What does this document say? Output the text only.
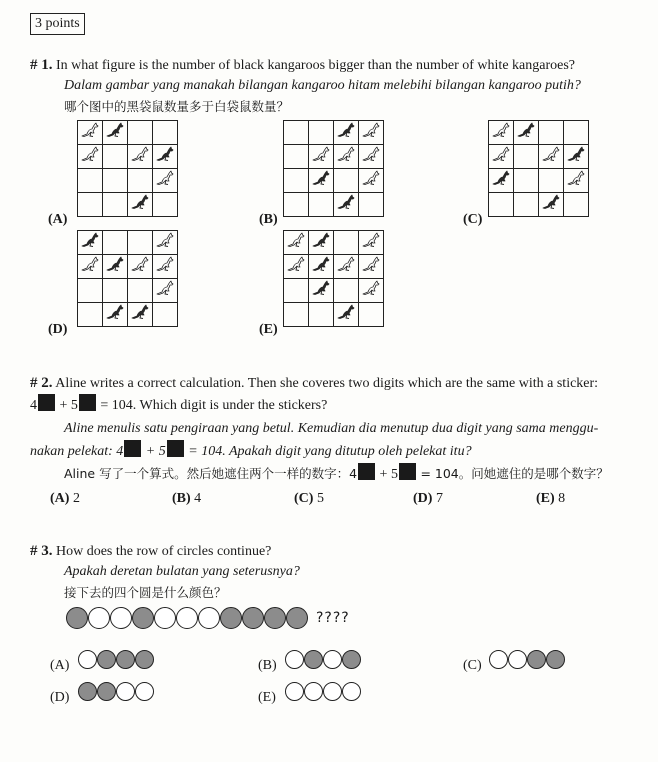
3 points
# 1. In what figure is the number of black kangaroos bigger than the number of white kangaroes?
Dalam gambar yang manakah bilangan kangaroo hitam melebihi bilangan kangaroo putih?
哪个图中的黑袋鼠数量多于白袋鼠数量？
(A)

				(B)

				(C)

(D)

				(E)

# 2. Aline writes a correct calculation. Then she coveres two digits which are the same with a sticker:
4 + 5 = 104. Which digit is under the stickers?
Aline menulis satu pengiraan yang betul. Kemudian dia menutup dua digit yang sama menggu-
nakan pelekat: 4 + 5 = 104. Apakah digit yang ditutup oleh pelekat itu?
Aline 写了一个算式。然后她遮住两个一样的数字：4 + 5 = 104。问她遮住的是哪个数字？
(A) 2	(B) 4	(C) 5	(D) 7	(E) 8
# 3. How does the row of circles continue?
Apakah deretan bulatan yang seterusnya?
接下去的四个圆是什么颜色？
????
(A)	(B)	(C)
(D)	(E)
